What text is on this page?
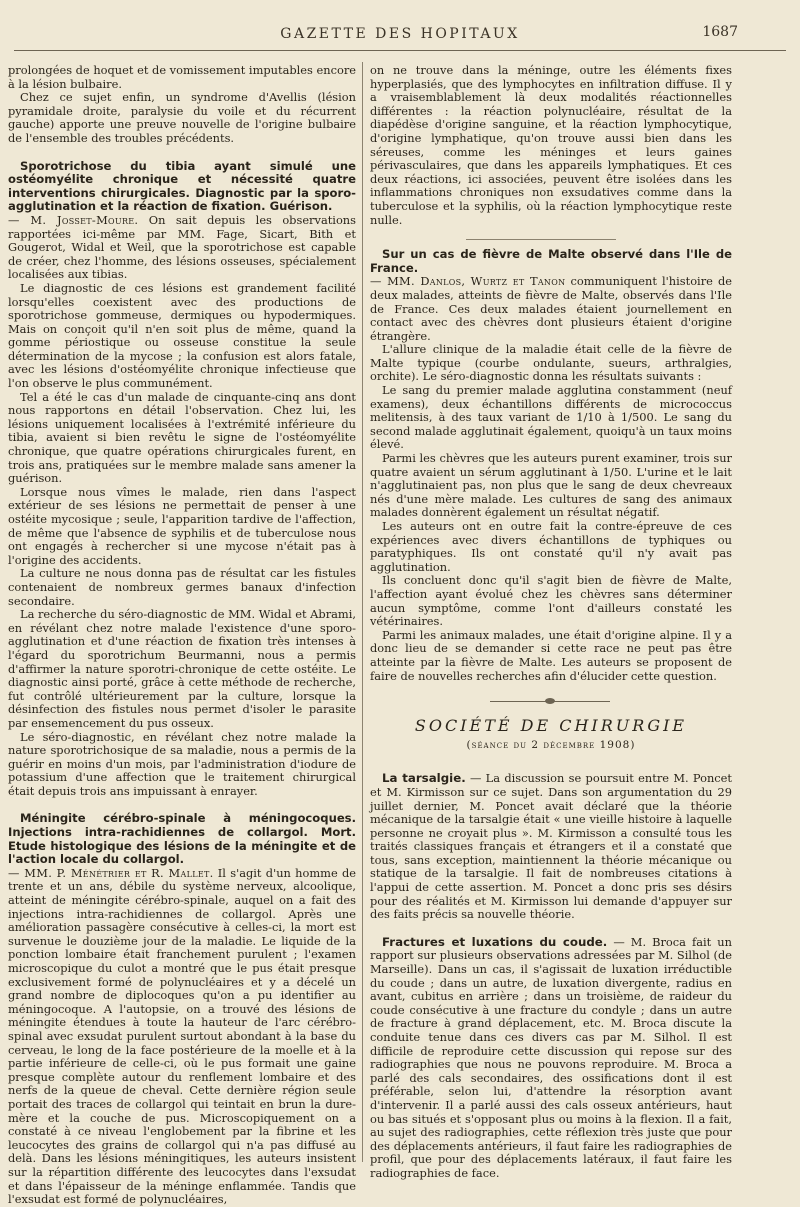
GAZETTE DES HOPITAUX	1687

prolongées de hoquet et de vomissement imputables encore à la lésion bulbaire.

Chez ce sujet enfin, un syndrome d'Avellis (lésion pyramidale droite, paralysie du voile et du récurrent gauche) apporte une preuve nouvelle de l'origine bulbaire de l'ensemble des troubles précédents.

Sporotrichose du tibia ayant simulé une ostéomyélite chronique et nécessité quatre interventions chirurgicales. Diagnostic par la sporo-agglutination et la réaction de fixation. Guérison.

— M. Josset-Moure. On sait depuis les observations rapportées ici-même par MM. Fage, Sicart, Bith et Gougerot, Widal et Weil, que la sporotrichose est capable de créer, chez l'homme, des lésions osseuses, spécialement localisées aux tibias.

Le diagnostic de ces lésions est grandement facilité lorsqu'elles coexistent avec des productions de sporotrichose gommeuse, dermiques ou hypodermiques. Mais on conçoit qu'il n'en soit plus de même, quand la gomme périostique ou osseuse constitue la seule détermination de la mycose ; la confusion est alors fatale, avec les lésions d'ostéomyélite chronique infectieuse que l'on observe le plus communément.

Tel a été le cas d'un malade de cinquante-cinq ans dont nous rapportons en détail l'observation. Chez lui, les lésions uniquement localisées à l'extrémité inférieure du tibia, avaient si bien revêtu le signe de l'ostéomyélite chronique, que quatre opérations chirurgicales furent, en trois ans, pratiquées sur le membre malade sans amener la guérison.

Lorsque nous vîmes le malade, rien dans l'aspect extérieur de ses lésions ne permettait de penser à une ostéite mycosique ; seule, l'apparition tardive de l'affection, de même que l'absence de syphilis et de tuberculose nous ont engagés à rechercher si une mycose n'était pas à l'origine des accidents.

La culture ne nous donna pas de résultat car les fistules contenaient de nombreux germes banaux d'infection secondaire.

La recherche du séro-diagnostic de MM. Widal et Abrami, en révélant chez notre malade l'existence d'une sporo-agglutination et d'une réaction de fixation très intenses à l'égard du sporotrichum Beurmanni, nous a permis d'affirmer la nature sporotri-chronique de cette ostéite. Le diagnostic ainsi porté, grâce à cette méthode de recherche, fut contrôlé ultérieurement par la culture, lorsque la désinfection des fistules nous permet d'isoler le parasite par ensemencement du pus osseux.

Le séro-diagnostic, en révélant chez notre malade la nature sporotrichosique de sa maladie, nous a permis de la guérir en moins d'un mois, par l'administration d'iodure de potassium d'une affection que le traitement chirurgical était depuis trois ans impuissant à enrayer.

Méningite cérébro-spinale à méningocoques. Injections intra-rachidiennes de collargol. Mort. Etude histologique des lésions de la méningite et de l'action locale du collargol.

— MM. P. Ménétrier et R. Mallet. Il s'agit d'un homme de trente et un ans, débile du système nerveux, alcoolique, atteint de méningite cérébro-spinale, auquel on a fait des injections intra-rachidiennes de collargol. Après une amélioration passagère consécutive à celles-ci, la mort est survenue le douzième jour de la maladie. Le liquide de la ponction lombaire était franchement purulent ; l'examen microscopique du culot a montré que le pus était presque exclusivement formé de polynucléaires et y a décelé un grand nombre de diplocoques qu'on a pu identifier au méningocoque. A l'autopsie, on a trouvé des lésions de méningite étendues à toute la hauteur de l'arc cérébro-spinal avec exsudat purulent surtout abondant à la base du cerveau, le long de la face postérieure de la moelle et à la partie inférieure de celle-ci, où le pus formait une gaine presque complète autour du renflement lombaire et des nerfs de la queue de cheval. Cette dernière région seule portait des traces de collargol qui teintait en brun la dure-mère et la couche de pus. Microscopiquement on a constaté à ce niveau l'englobement par la fibrine et les leucocytes des grains de collargol qui n'a pas diffusé au delà. Dans les lésions méningitiques, les auteurs insistent sur la répartition différente des leucocytes dans l'exsudat et dans l'épaisseur de la méninge enflammée. Tandis que l'exsudat est formé de polynucléaires,

on ne trouve dans la méninge, outre les éléments fixes hyperplasiés, que des lymphocytes en infiltration diffuse. Il y a vraisemblablement là deux modalités réactionnelles différentes : la réaction polynucléaire, résultat de la diapédèse d'origine sanguine, et la réaction lymphocytique, d'origine lymphatique, qu'on trouve aussi bien dans les séreuses, comme les méninges et leurs gaines périvasculaires, que dans les appareils lymphatiques. Et ces deux réactions, ici associées, peuvent être isolées dans les inflammations chroniques non exsudatives comme dans la tuberculose et la syphilis, où la réaction lymphocytique reste nulle.

Sur un cas de fièvre de Malte observé dans l'Ile de France.

— MM. Danlos, Wurtz et Tanon communiquent l'histoire de deux malades, atteints de fièvre de Malte, observés dans l'Ile de France. Ces deux malades étaient journellement en contact avec des chèvres dont plusieurs étaient d'origine étrangère.

L'allure clinique de la maladie était celle de la fièvre de Malte typique (courbe ondulante, sueurs, arthralgies, orchite). Le séro-diagnostic donna les résultats suivants :

Le sang du premier malade agglutina constamment (neuf examens), deux échantillons différents de micrococcus melitensis, à des taux variant de 1/10 à 1/500. Le sang du second malade agglutinait également, quoiqu'à un taux moins élevé.

Parmi les chèvres que les auteurs purent examiner, trois sur quatre avaient un sérum agglutinant à 1/50. L'urine et le lait n'agglutinaient pas, non plus que le sang de deux chevreaux nés d'une mère malade. Les cultures de sang des animaux malades donnèrent également un résultat négatif.

Les auteurs ont en outre fait la contre-épreuve de ces expériences avec divers échantillons de typhiques ou paratyphiques. Ils ont constaté qu'il n'y avait pas agglutination.

Ils concluent donc qu'il s'agit bien de fièvre de Malte, l'affection ayant évolué chez les chèvres sans déterminer aucun symptôme, comme l'ont d'ailleurs constaté les vétérinaires.

Parmi les animaux malades, une était d'origine alpine. Il y a donc lieu de se demander si cette race ne peut pas être atteinte par la fièvre de Malte. Les auteurs se proposent de faire de nouvelles recherches afin d'élucider cette question.

SOCIÉTÉ DE CHIRURGIE
(séance du 2 décembre 1908)

La tarsalgie. — La discussion se poursuit entre M. Poncet et M. Kirmisson sur ce sujet. Dans son argumentation du 29 juillet dernier, M. Poncet avait déclaré que la théorie mécanique de la tarsalgie était « une vieille histoire à laquelle personne ne croyait plus ». M. Kirmisson a consulté tous les traités classiques français et étrangers et il a constaté que tous, sans exception, maintiennent la théorie mécanique ou statique de la tarsalgie. Il fait de nombreuses citations à l'appui de cette assertion. M. Poncet a donc pris ses désirs pour des réalités et M. Kirmisson lui demande d'appuyer sur des faits précis sa nouvelle théorie.

Fractures et luxations du coude. — M. Broca fait un rapport sur plusieurs observations adressées par M. Silhol (de Marseille). Dans un cas, il s'agissait de luxation irréductible du coude ; dans un autre, de luxation divergente, radius en avant, cubitus en arrière ; dans un troisième, de raideur du coude consécutive à une fracture du condyle ; dans un autre de fracture à grand déplacement, etc. M. Broca discute la conduite tenue dans ces divers cas par M. Silhol. Il est difficile de reproduire cette discussion qui repose sur des radiographies que nous ne pouvons reproduire. M. Broca a parlé des cals secondaires, des ossifications dont il est préférable, selon lui, d'attendre la résorption avant d'intervenir. Il a parlé aussi des cals osseux antérieurs, haut ou bas situés et s'opposant plus ou moins à la flexion. Il a fait, au sujet des radiographies, cette réflexion très juste que pour des déplacements antérieurs, il faut faire les radiographies de profil, que pour des déplacements latéraux, il faut faire les radiographies de face.
